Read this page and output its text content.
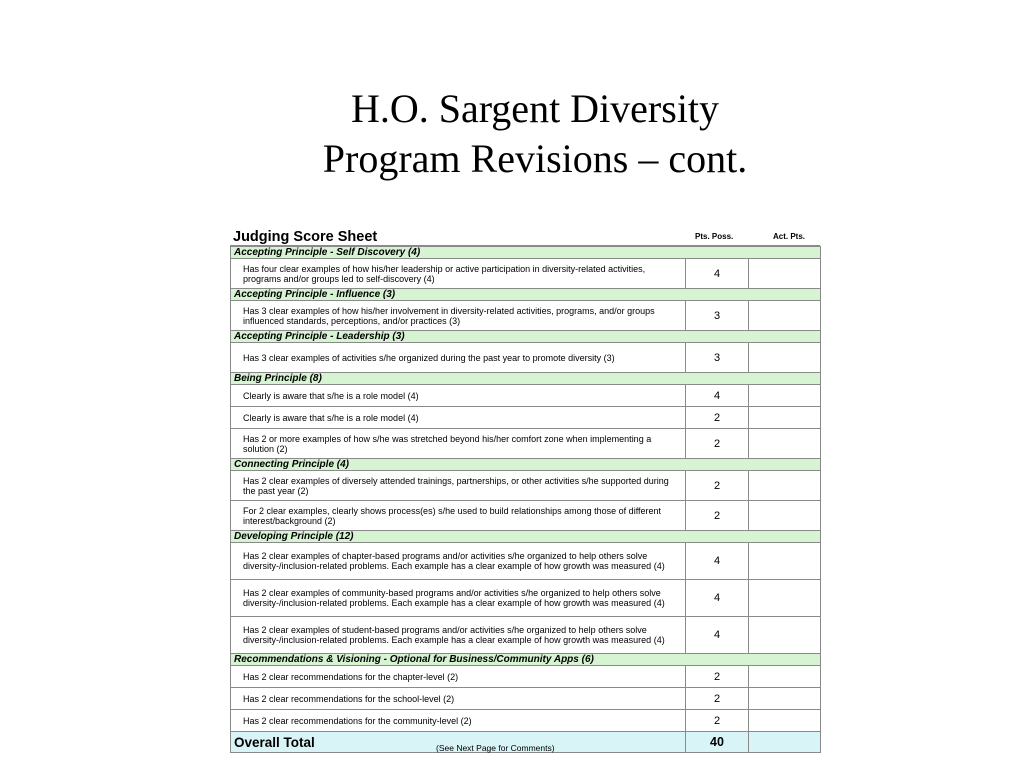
H.O. Sargent Diversity
Program Revisions – cont.
Judging Score Sheet	Pts. Poss.	Act. Pts.
Accepting Principle - Self Discovery (4)		
Has four clear examples of how his/her leadership or active participation in diversity-related activities, programs and/or groups led to self-discovery (4)	4	
Accepting Principle - Influence (3)		
Has 3 clear examples of how his/her involvement in diversity-related activities, programs, and/or groups influenced standards, perceptions, and/or practices (3)	3	
Accepting Principle - Leadership (3)		
Has 3 clear examples of activities s/he organized during the past year to promote diversity (3)	3	
Being Principle (8)		
Clearly is aware that s/he is a role model (4)	4	
Clearly is aware that s/he is a role model (4)	2	
Has 2 or more examples of how s/he was stretched beyond his/her comfort zone when implementing a solution (2)	2	
Connecting Principle (4)		
Has 2 clear examples of diversely attended trainings, partnerships, or other activities s/he supported during the past year (2)	2	
For 2 clear examples, clearly shows process(es) s/he used to build relationships among those of different interest/background (2)	2	
Developing Principle (12)		
Has 2 clear examples of chapter-based programs and/or activities s/he organized to help others solve diversity-/inclusion-related problems. Each example has a clear example of how growth was measured (4)	4	
Has 2 clear examples of community-based programs and/or activities s/he organized to help others solve diversity-/inclusion-related problems. Each example has a clear example of how growth was measured (4)	4	
Has 2 clear examples of student-based programs and/or activities s/he organized to help others solve diversity-/inclusion-related problems. Each example has a clear example of how growth was measured (4)	4	
Recommendations & Visioning - Optional for Business/Community Apps (6)		
Has 2 clear recommendations for the chapter-level (2)	2	
Has 2 clear recommendations for the school-level (2)	2	
Has 2 clear recommendations for the community-level (2)	2	
Overall Total (See Next Page for Comments)	40	
